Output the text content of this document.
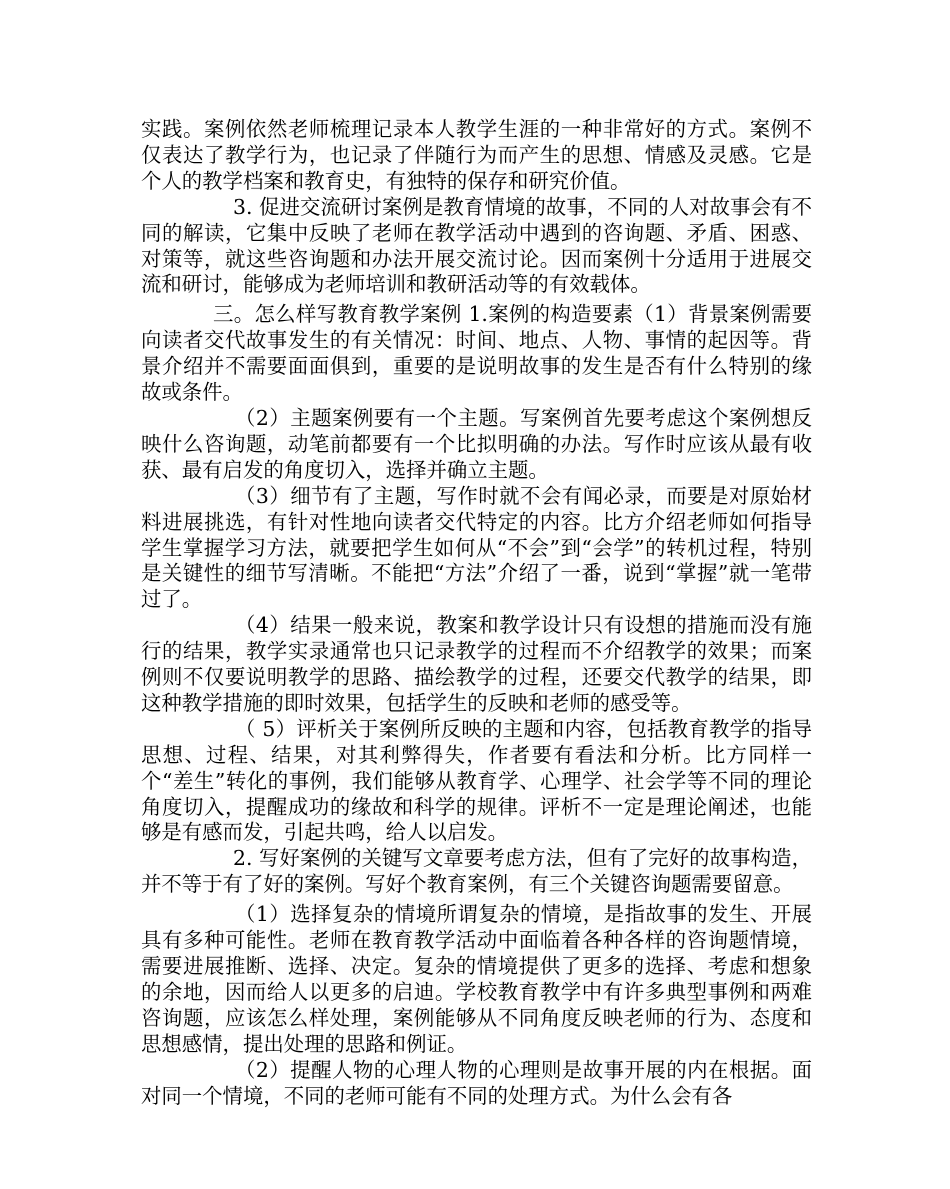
实践。案例依然老师梳理记录本人教学生涯的一种非常好的方式。案例不仅表达了教学行为，也记录了伴随行为而产生的思想、情感及灵感。它是个人的教学档案和教育史，有独特的保存和研究价值。

3. 促进交流研讨案例是教育情境的故事，不同的人对故事会有不同的解读，它集中反映了老师在教学活动中遇到的咨询题、矛盾、困惑、对策等，就这些咨询题和办法开展交流讨论。因而案例十分适用于进展交流和研讨，能够成为老师培训和教研活动等的有效载体。

三。怎么样写教育教学案例 1.案例的构造要素（1）背景案例需要向读者交代故事发生的有关情况：时间、地点、人物、事情的起因等。背景介绍并不需要面面俱到，重要的是说明故事的发生是否有什么特别的缘故或条件。

（2）主题案例要有一个主题。写案例首先要考虑这个案例想反映什么咨询题，动笔前都要有一个比拟明确的办法。写作时应该从最有收获、最有启发的角度切入，选择并确立主题。

（3）细节有了主题，写作时就不会有闻必录，而要是对原始材料进展挑选，有针对性地向读者交代特定的内容。比方介绍老师如何指导学生掌握学习方法，就要把学生如何从“不会”到“会学”的转机过程，特别是关键性的细节写清晰。不能把“方法”介绍了一番，说到“掌握”就一笔带过了。

（4）结果一般来说，教案和教学设计只有设想的措施而没有施行的结果，教学实录通常也只记录教学的过程而不介绍教学的效果；而案例则不仅要说明教学的思路、描绘教学的过程，还要交代教学的结果，即这种教学措施的即时效果，包括学生的反映和老师的感受等。

（ 5）评析关于案例所反映的主题和内容，包括教育教学的指导思想、过程、结果，对其利弊得失，作者要有看法和分析。比方同样一个“差生”转化的事例，我们能够从教育学、心理学、社会学等不同的理论角度切入，提醒成功的缘故和科学的规律。评析不一定是理论阐述，也能够是有感而发，引起共鸣，给人以启发。

2. 写好案例的关键写文章要考虑方法，但有了完好的故事构造，并不等于有了好的案例。写好个教育案例，有三个关键咨询题需要留意。

（1）选择复杂的情境所谓复杂的情境，是指故事的发生、开展具有多种可能性。老师在教育教学活动中面临着各种各样的咨询题情境，需要进展推断、选择、决定。复杂的情境提供了更多的选择、考虑和想象的余地，因而给人以更多的启迪。学校教育教学中有许多典型事例和两难咨询题，应该怎么样处理，案例能够从不同角度反映老师的行为、态度和思想感情，提出处理的思路和例证。

（2）提醒人物的心理人物的心理则是故事开展的内在根据。面对同一个情境，不同的老师可能有不同的处理方式。为什么会有各
